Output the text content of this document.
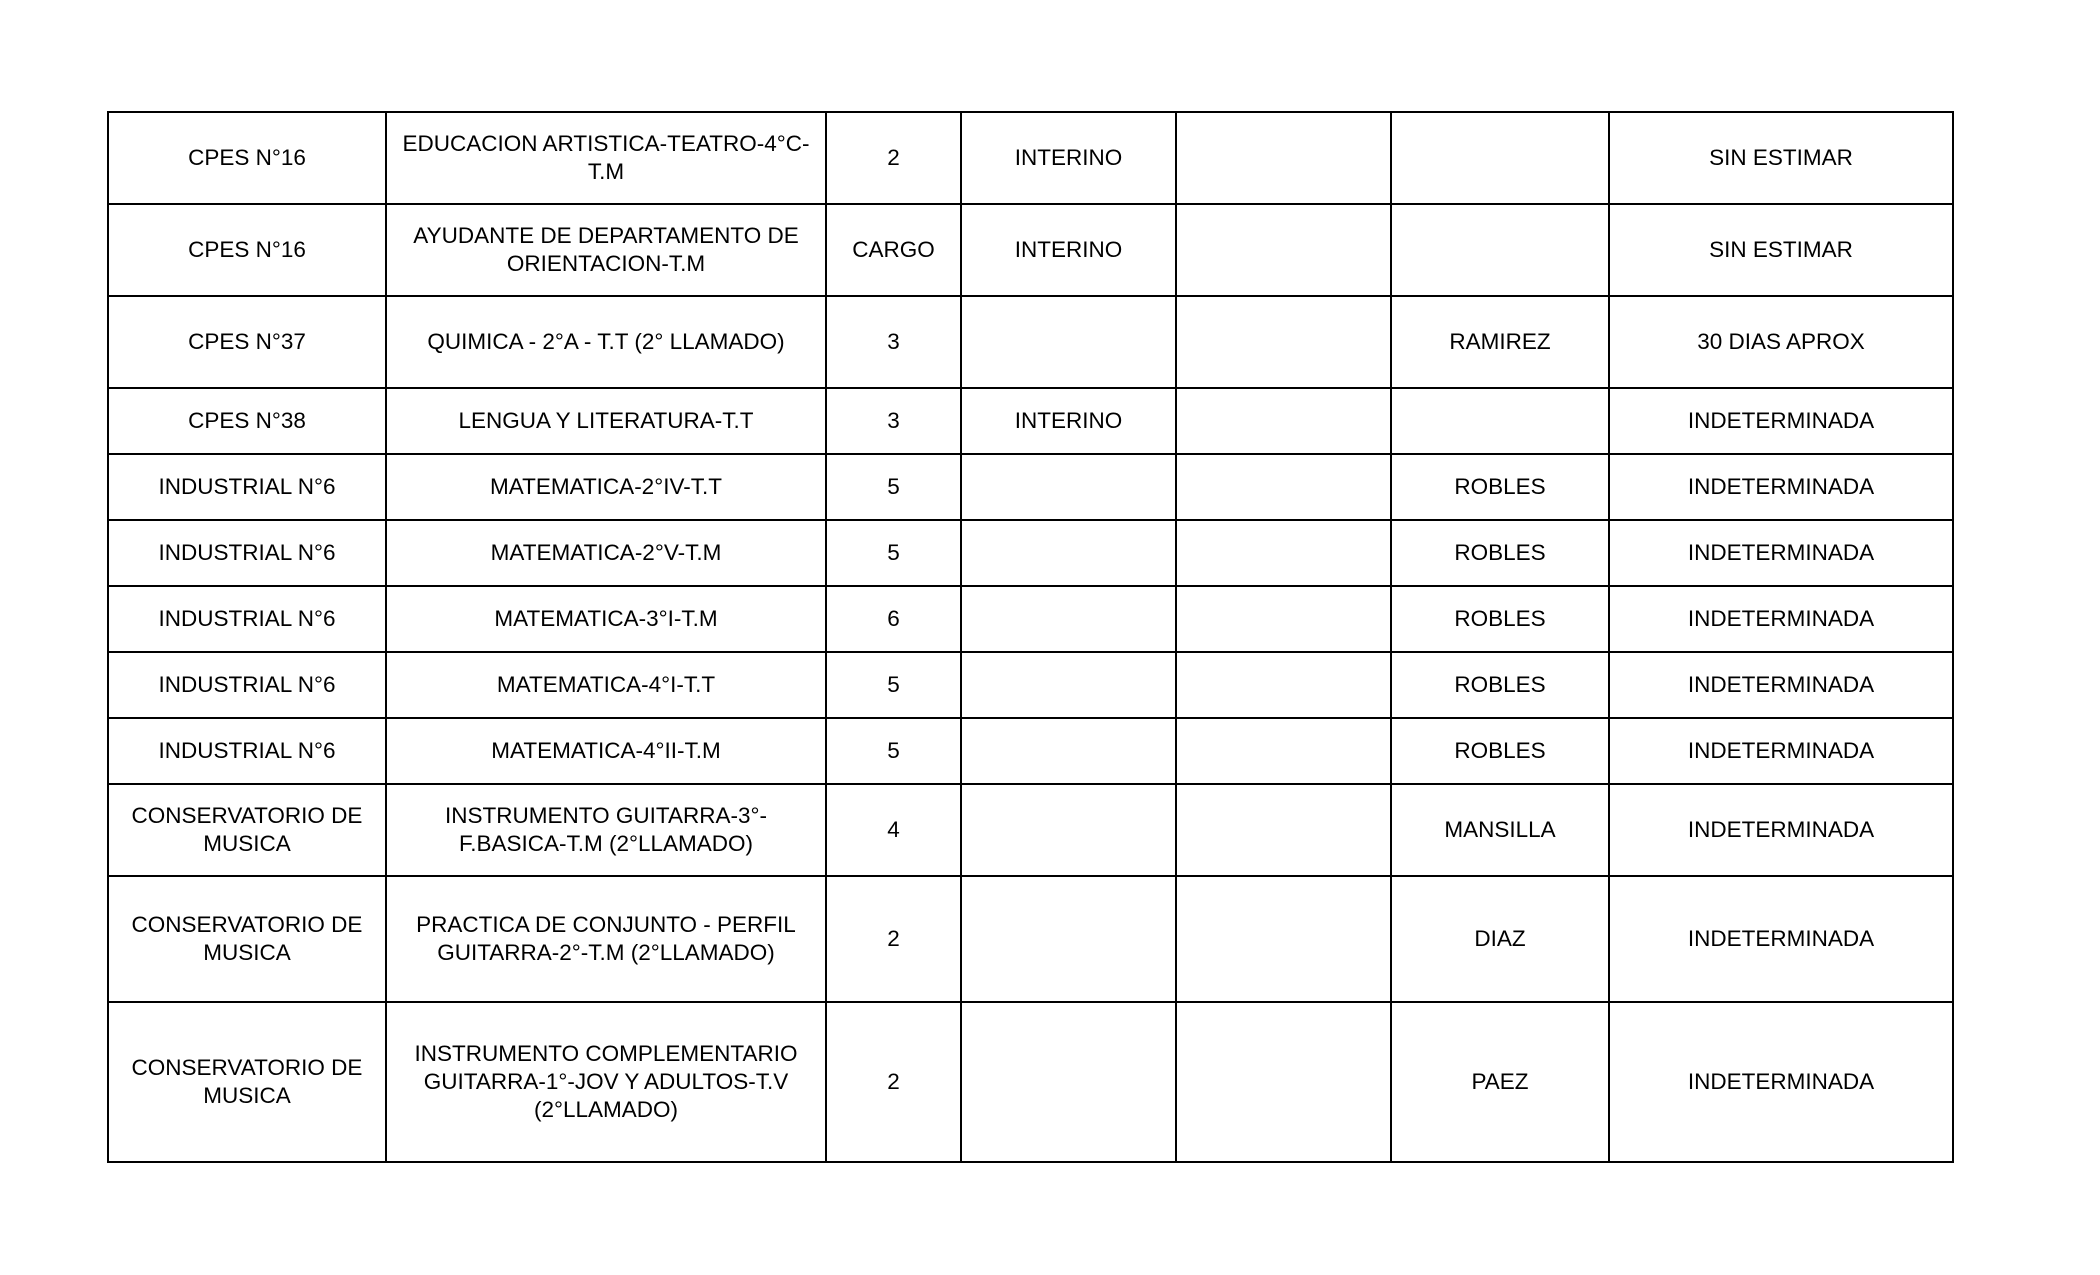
CPES N°16	EDUCACION ARTISTICA-TEATRO-4°C-T.M	2	INTERINO			SIN ESTIMAR
CPES N°16	AYUDANTE DE DEPARTAMENTO DE ORIENTACION-T.M	CARGO	INTERINO			SIN ESTIMAR
CPES N°37	QUIMICA - 2°A - T.T (2° LLAMADO)	3			RAMIREZ	30 DIAS APROX
CPES N°38	LENGUA Y LITERATURA-T.T	3	INTERINO			INDETERMINADA
INDUSTRIAL N°6	MATEMATICA-2°IV-T.T	5			ROBLES	INDETERMINADA
INDUSTRIAL N°6	MATEMATICA-2°V-T.M	5			ROBLES	INDETERMINADA
INDUSTRIAL N°6	MATEMATICA-3°I-T.M	6			ROBLES	INDETERMINADA
INDUSTRIAL N°6	MATEMATICA-4°I-T.T	5			ROBLES	INDETERMINADA
INDUSTRIAL N°6	MATEMATICA-4°II-T.M	5			ROBLES	INDETERMINADA
CONSERVATORIO DE MUSICA	INSTRUMENTO GUITARRA-3°-F.BASICA-T.M (2°LLAMADO)	4			MANSILLA	INDETERMINADA
CONSERVATORIO DE MUSICA	PRACTICA DE CONJUNTO - PERFIL GUITARRA-2°-T.M (2°LLAMADO)	2			DIAZ	INDETERMINADA
CONSERVATORIO DE MUSICA	INSTRUMENTO COMPLEMENTARIO GUITARRA-1°-JOV Y ADULTOS-T.V (2°LLAMADO)	2			PAEZ	INDETERMINADA
